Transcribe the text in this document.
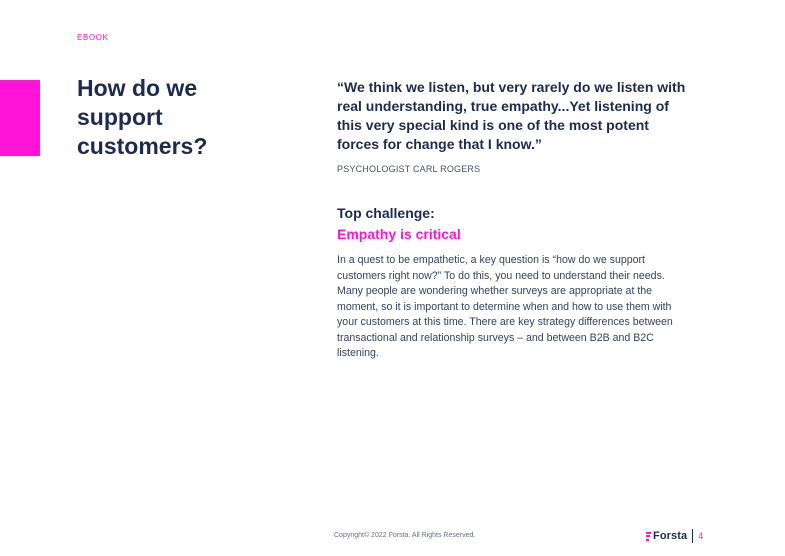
EBOOK
How do we support customers?

“We think we listen, but very rarely do we listen with real understanding, true empathy...Yet listening of this very special kind is one of the most potent forces for change that I know.”

PSYCHOLOGIST CARL ROGERS
Top challenge:
Empathy is critical

In a quest to be empathetic, a key question is “how do we support customers right now?” To do this, you need to understand their needs. Many people are wondering whether surveys are appropriate at the moment, so it is important to determine when and how to use them with your customers at this time. There are key strategy differences between transactional and relationship surveys – and between B2B and B2C listening.

Copyright© 2022 Forsta. All Rights Reserved.	Forsta 4
